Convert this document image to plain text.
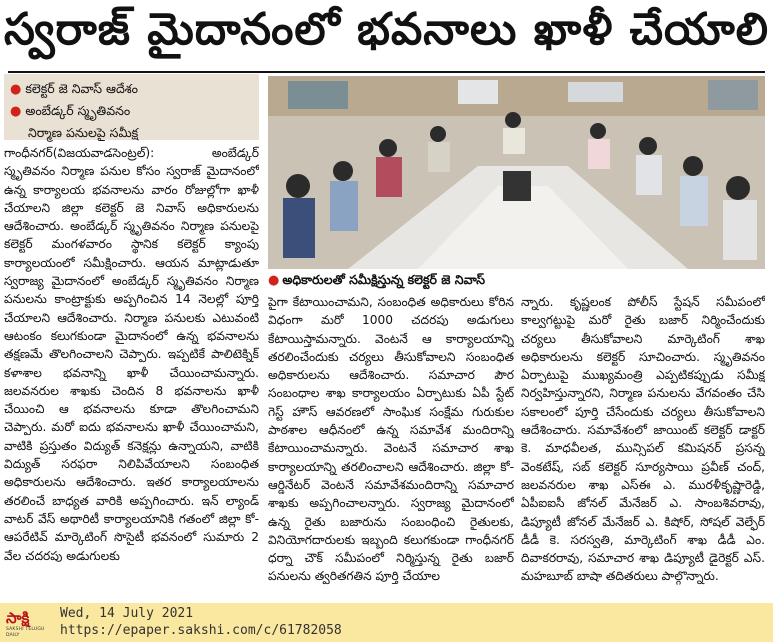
స్వరాజ్ మైదానంలో భవనాలు ఖాళీ చేయాలి
● కలెక్టర్ జె నివాస్ ఆదేశం
● అంబేడ్కర్ స్మృతివనం
నిర్మాణ పనులపై సమీక్ష

గాంధీనగర్(విజయవాడసెంట్రల్): అంబేడ్కర్ స్మృతివనం నిర్మాణ పనుల కోసం స్వరాజ్ మైదానంలో ఉన్న కార్యాలయ భవనాలను వారం రోజుల్లోగా ఖాళీ చేయాలని జిల్లా కలెక్టర్ జె నివాస్ అధికారులను ఆదేశించారు. అంబేడ్కర్ స్మృతివనం నిర్మాణ పనులపై కలెక్టర్ మంగళవారం స్థానిక కలెక్టర్ క్యాంపు కార్యాలయంలో సమీక్షించారు. ఆయన మాట్లాడుతూ స్వరాజ్య మైదానంలో అంబేడ్కర్ స్మృతివనం నిర్మాణ పనులను కాంట్రాక్టుకు అప్పగించిన 14 నెలల్లో పూర్తి చేయాలని ఆదేశించారు. నిర్మాణ పనులకు ఎటువంటి ఆటంకం కలుగకుండా మైదానంలో ఉన్న భవనాలను తక్షణమే తొలగించాలని చెప్పారు. ఇప్పటికే పాలిటెక్నిక్ కళాశాల భవనాన్ని ఖాళీ చేయించామన్నారు. జలవనరుల శాఖకు చెందిన 8 భవనాలను ఖాళీ చేయించి ఆ భవనాలను కూడా తొలగించామని చెప్పారు. మరో ఐదు భవనాలను ఖాళీ చేయించామని, వాటికి ప్రస్తుతం విద్యుత్ కనెక్షన్లు ఉన్నాయని, వాటికి విద్యుత్ సరఫరా నిలిపివేయాలని సంబంధిత అధికారులను ఆదేశించారు. ఇతర కార్యాలయాలను తరలించే బాధ్యత వారికి అప్పగించారు. ఇన్ ల్యాండ్ వాటర్ వేస్ అథారిటీ కార్యాలయానికి గతంలో జిల్లా కో-ఆపరేటివ్ మార్కెటింగ్ సొసైటీ భవనంలో సుమారు 2 వేల చదరపు అడుగులకు

● అధికారులతో సమీక్షిస్తున్న కలెక్టర్ జె నివాస్

పైగా కేటాయించామని, సంబంధిత అధికారులు కోరిన విధంగా మరో 1000 చదరపు అడుగులు కేటాయిస్తామన్నారు. వెంటనే ఆ కార్యాలయాన్ని తరలించేందుకు చర్యలు తీసుకోవాలని సంబంధిత అధికారులను ఆదేశించారు. సమాచార పౌర సంబంధాల శాఖ కార్యాలయం ఏర్పాటుకు ఏపీ స్టేట్ గెస్ట్ హౌస్ ఆవరణలో సాంఘిక సంక్షేమ గురుకుల పాఠశాల ఆధీనంలో ఉన్న సమావేశ మందిరాన్ని కేటాయించామన్నారు. వెంటనే సమాచార శాఖ కార్యాలయాన్ని తరలించాలని ఆదేశించారు. జిల్లా కో-ఆర్డినేటర్ వెంటనే సమావేశమందిరాన్ని సమాచార శాఖకు అప్పగించాలన్నారు. స్వరాజ్య మైదానంలో ఉన్న రైతు బజారును సంబంధించి రైతులకు, వినియోగదారులకు ఇబ్బంది కలుగకుండా గాంధీనగర్ ధర్నా చౌక్ సమీపంలో నిర్మిస్తున్న రైతు బజార్ పనులను త్వరితగతిన పూర్తి చేయాల

న్నారు. కృష్ణలంక పోలీస్ స్టేషన్ సమీపంలో కాల్వగట్టుపై మరో రైతు బజార్ నిర్మించేందుకు చర్యలు తీసుకోవాలని మార్కెటింగ్ శాఖ అధికారులను కలెక్టర్ సూచించారు. స్మృతివనం ఏర్పాటుపై ముఖ్యమంత్రి ఎప్పటికప్పుడు సమీక్ష నిర్వహిస్తున్నారని, నిర్మాణ పనులను వేగవంతం చేసి సకాలంలో పూర్తి చేసేందుకు చర్యలు తీసుకోవాలని ఆదేశించారు. సమావేశంలో జాయింట్ కలెక్టర్ డాక్టర్ కె. మాధవీలత, మున్సిపల్ కమిషనర్ ప్రసన్న వెంకటేష్, సబ్ కలెక్టర్ సూర్యసాయి ప్రవీణ్ చంద్, జలవనరుల శాఖ ఎస్ఈ ఎ. మురళీకృష్ణారెడ్డి, ఏపీఐఐసీ జోనల్ మేనేజర్ ఎ. సాంబశివరావు, డిప్యూటీ జోనల్ మేనేజర్ ఎ. కిషోర్, సోషల్ వెల్ఫేర్ డీడీ కె. సరస్వతి, మార్కెటింగ్ శాఖ డీడీ ఎం. దివాకరరావు, సమాచార శాఖ డిప్యూటీ డైరెక్టర్ ఎస్. మహబూబ్ బాషా తదితరులు పాల్గొన్నారు.

సాక్షి
SAKSHI TELUGU DAILY
Wed, 14 July 2021
https://epaper.sakshi.com/c/61782058
